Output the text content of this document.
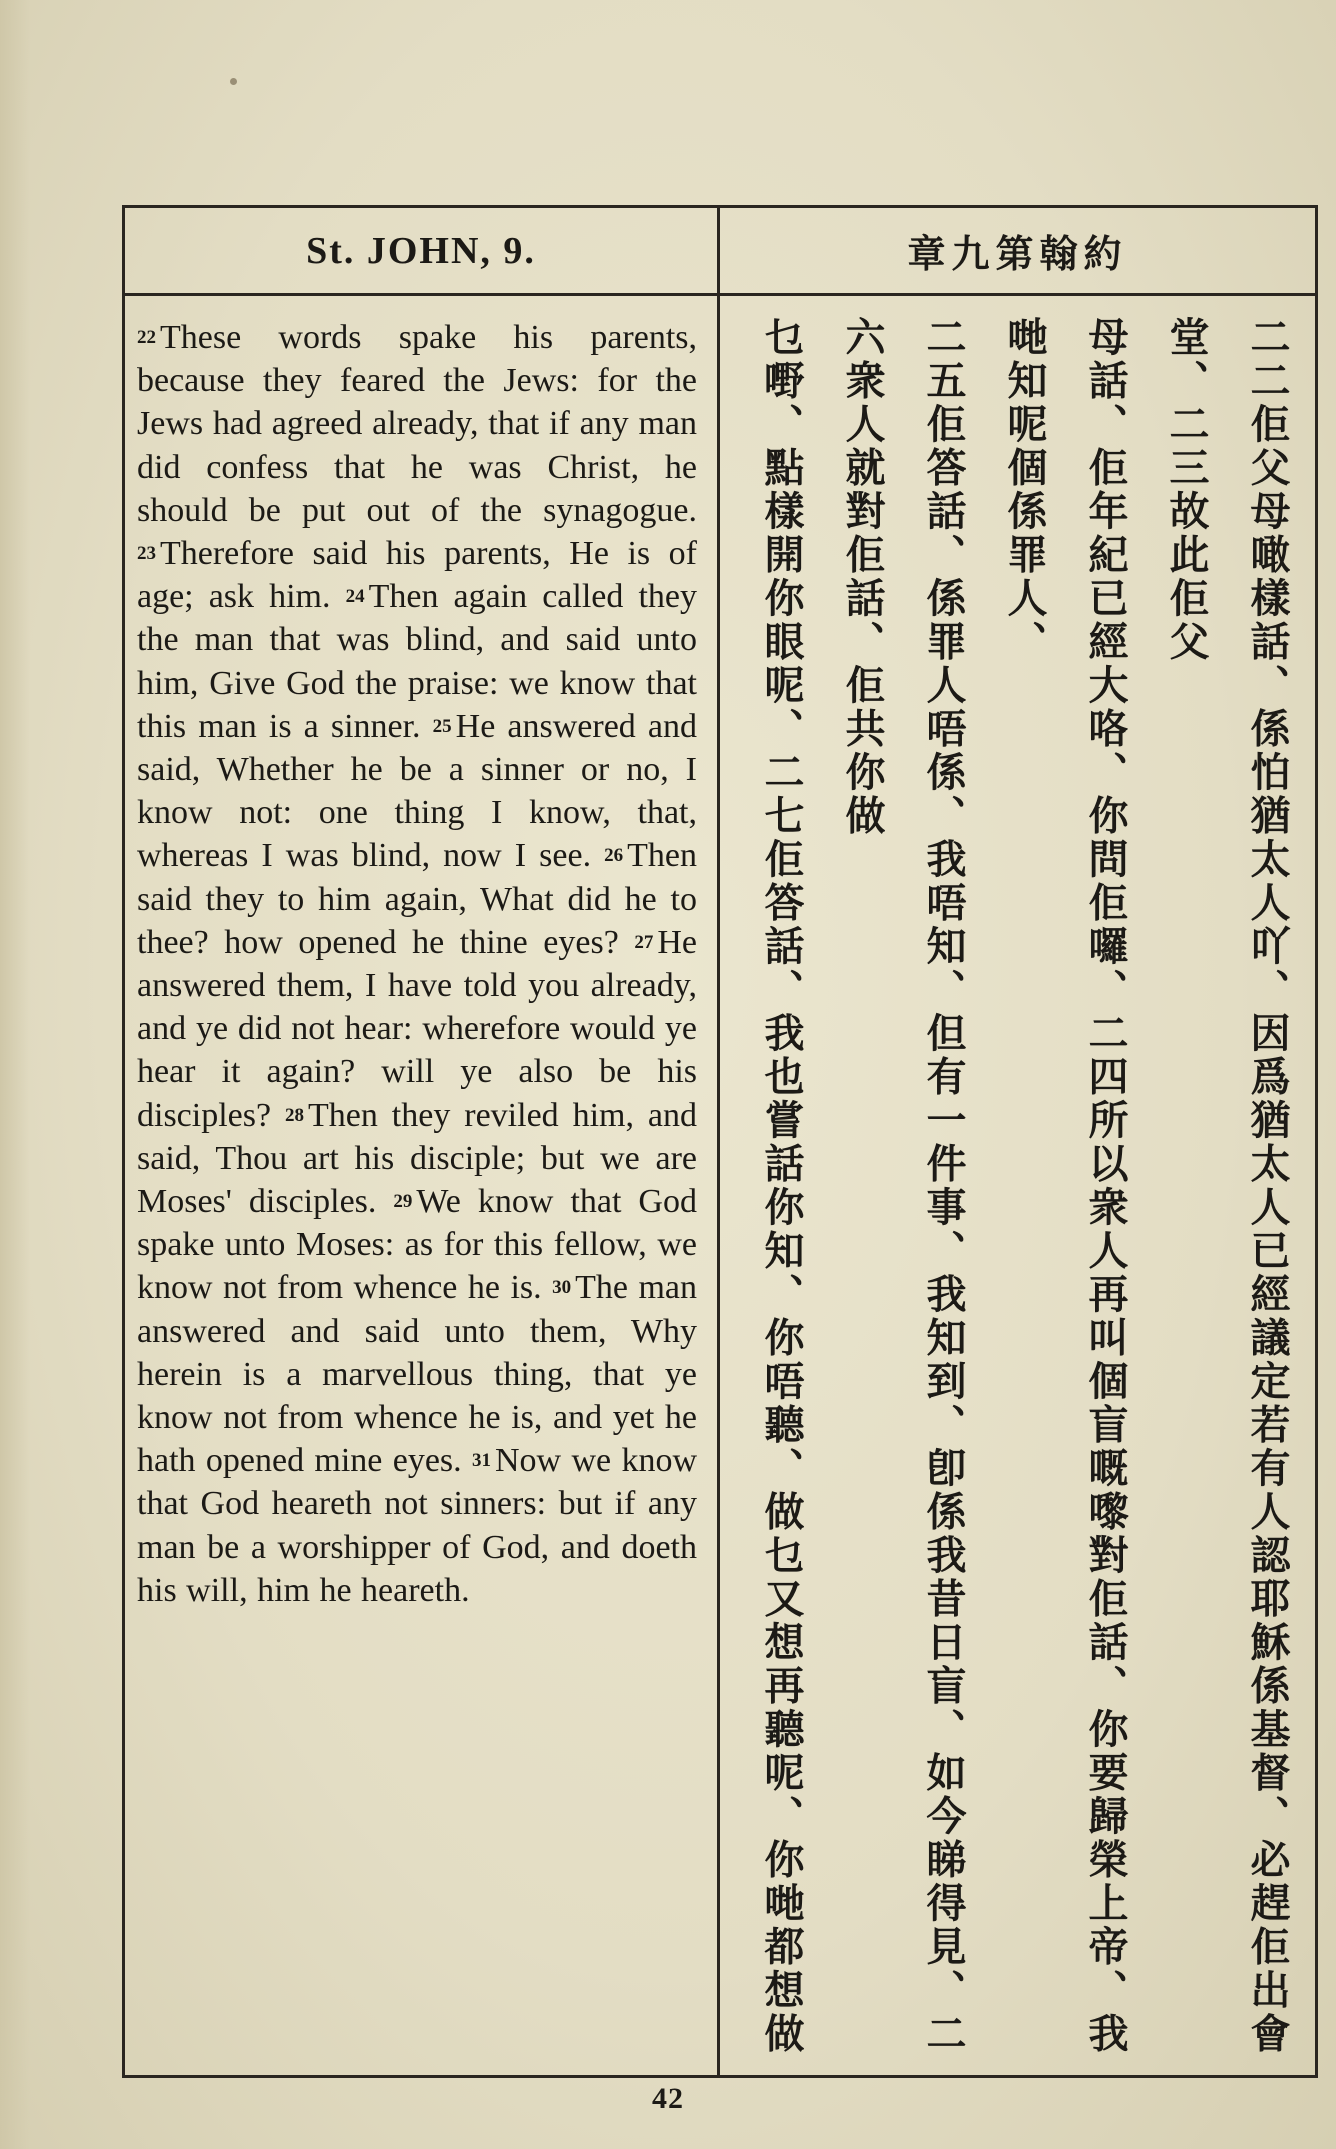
St. JOHN, 9.	約翰第九章

22 These words spake his parents, because they feared the Jews: for the Jews had agreed already, that if any man did confess that he was Christ, he should be put out of the synagogue. 23 Therefore said his parents, He is of age; ask him. 24 Then again called they the man that was blind, and said unto him, Give God the praise: we know that this man is a sinner. 25 He answered and said, Whether he be a sinner or no, I know not: one thing I know, that, whereas I was blind, now I see. 26 Then said they to him again, What did he to thee? how opened he thine eyes? 27 He answered them, I have told you already, and ye did not hear: wherefore would ye hear it again? will ye also be his disciples? 28 Then they reviled him, and said, Thou art his disciple; but we are Moses' disciples. 29 We know that God spake unto Moses: as for this fellow, we know not from whence he is. 30 The man answered and said unto them, Why herein is a marvellous thing, that ye know not from whence he is, and yet he hath opened mine eyes. 31 Now we know that God heareth not sinners: but if any man be a worshipper of God, and doeth his will, him he heareth.	二二佢父母噉樣話、係怕猶太人吖、因爲猶太人已經議定若有人認耶穌係基督、必趕佢出會堂、二三故此佢父

母話、佢年紀已經大咯、你問佢囉、二四所以衆人再叫個盲嘅嚟對佢話、你要歸榮上帝、我哋知呢個係罪人、

二五佢答話、係罪人唔係、我唔知、但有一件事、我知到、卽係我昔日盲、如今睇得見、二六衆人就對佢話、佢共你做

乜嘢、點樣開你眼呢、二七佢答話、我也嘗話你知、你唔聽、做乜又想再聽呢、你哋都想做

42
